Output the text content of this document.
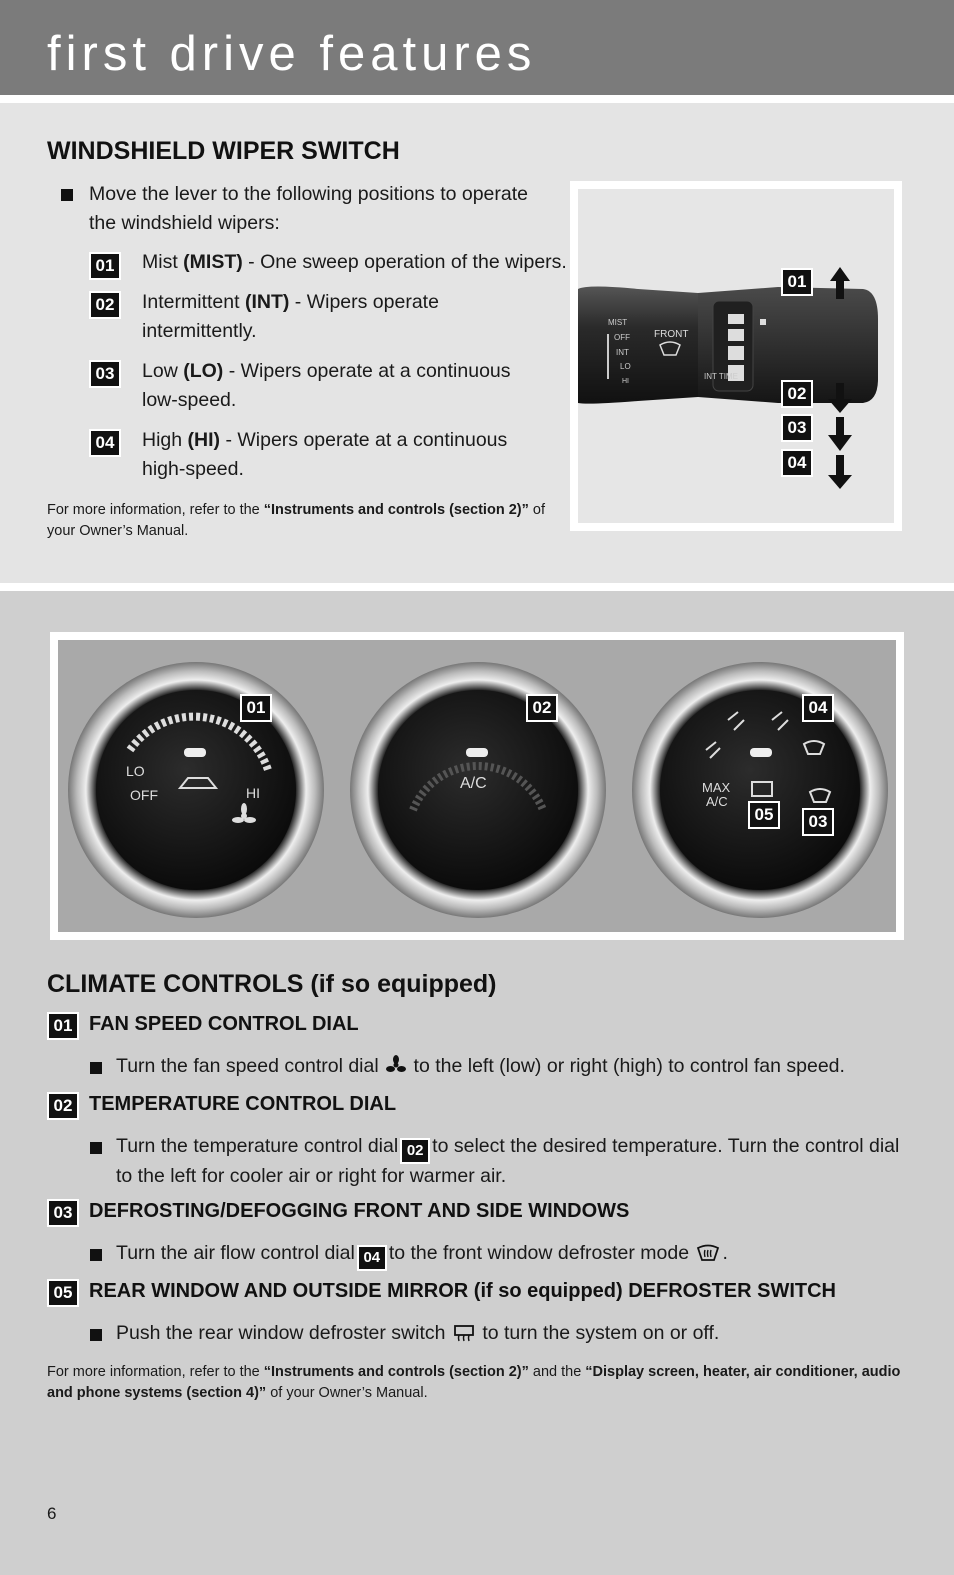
first drive features
WINDSHIELD WIPER SWITCH
Move the lever to the following positions to operate the windshield wipers:
01 Mist (MIST) - One sweep operation of the wipers.
02 Intermittent (INT) - Wipers operate intermittently.
03 Low (LO) - Wipers operate at a continuous low-speed.
04 High (HI) - Wipers operate at a continuous high-speed.
For more information, refer to the “Instruments and controls (section 2)” of your Owner’s Manual.
MIST
OFF
INT
LO
HI
FRONT
INT TIME
01
02
03
04
LO
OFF	HI
A/C	MAX
A/C
01	02	04
05 03
CLIMATE CONTROLS (if so equipped)
01 FAN SPEED CONTROL DIAL
Turn the fan speed control dial to the left (low) or right (high) to control fan speed.
02 TEMPERATURE CONTROL DIAL
Turn the temperature control dial 02 to select the desired temperature. Turn the control dial to the left for cooler air or right for warmer air.
03 DEFROSTING/DEFOGGING FRONT AND SIDE WINDOWS
Turn the air flow control dial 04 to the front window defroster mode .
05 REAR WINDOW AND OUTSIDE MIRROR (if so equipped) DEFROSTER SWITCH
Push the rear window defroster switch to turn the system on or off.
For more information, refer to the “Instruments and controls (section 2)” and the “Display screen, heater, air conditioner, audio and phone systems (section 4)” of your Owner’s Manual.
6
